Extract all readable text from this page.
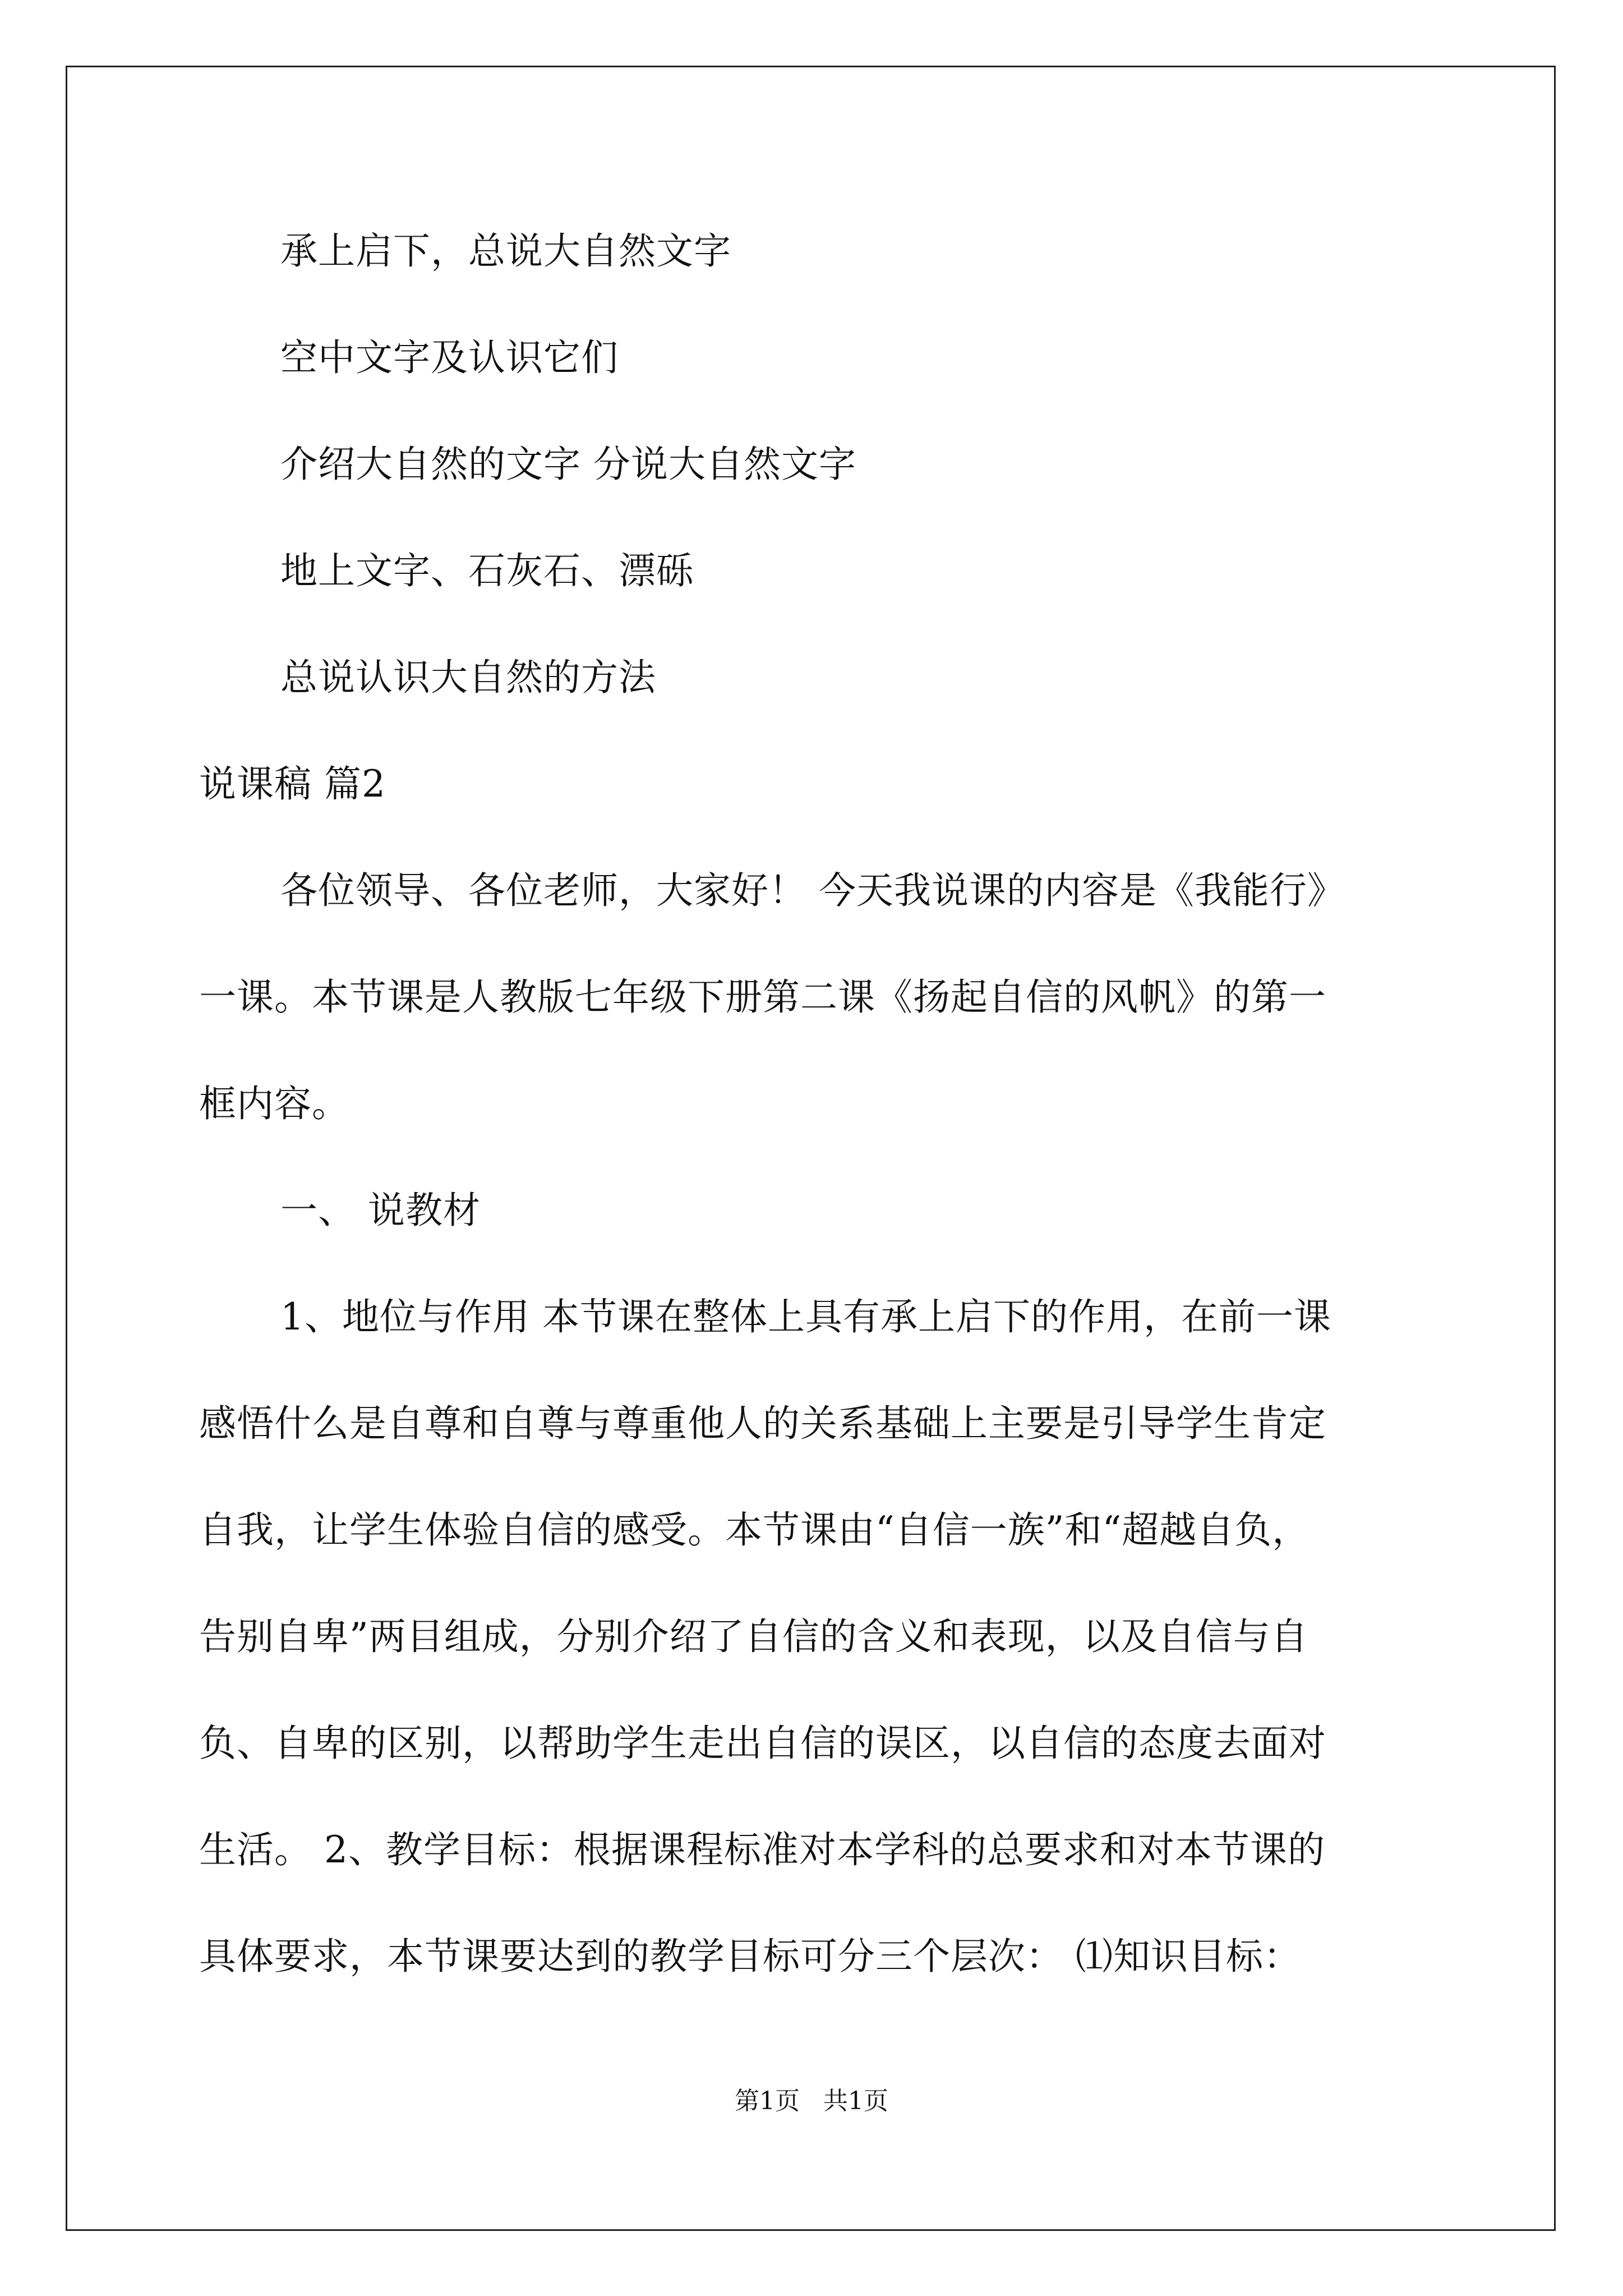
承上启下，总说大自然文字
空中文字及认识它们
介绍大自然的文字 分说大自然文字
地上文字、石灰石、漂砾
总说认识大自然的方法
说课稿 篇2
各位领导、各位老师，大家好！ 今天我说课的内容是《我能行》
一课。本节课是人教版七年级下册第二课《扬起自信的风帆》的第一
框内容。
一、 说教材
1、地位与作用 本节课在整体上具有承上启下的作用，在前一课
感悟什么是自尊和自尊与尊重他人的关系基础上主要是引导学生肯定
自我，让学生体验自信的感受。本节课由“自信一族”和“超越自负，
告别自卑”两目组成，分别介绍了自信的含义和表现，以及自信与自
负、自卑的区别，以帮助学生走出自信的误区，以自信的态度去面对
生活。 2、教学目标：根据课程标准对本学科的总要求和对本节课的
具体要求，本节课要达到的教学目标可分三个层次： ⑴知识目标：
第1页   共1页
